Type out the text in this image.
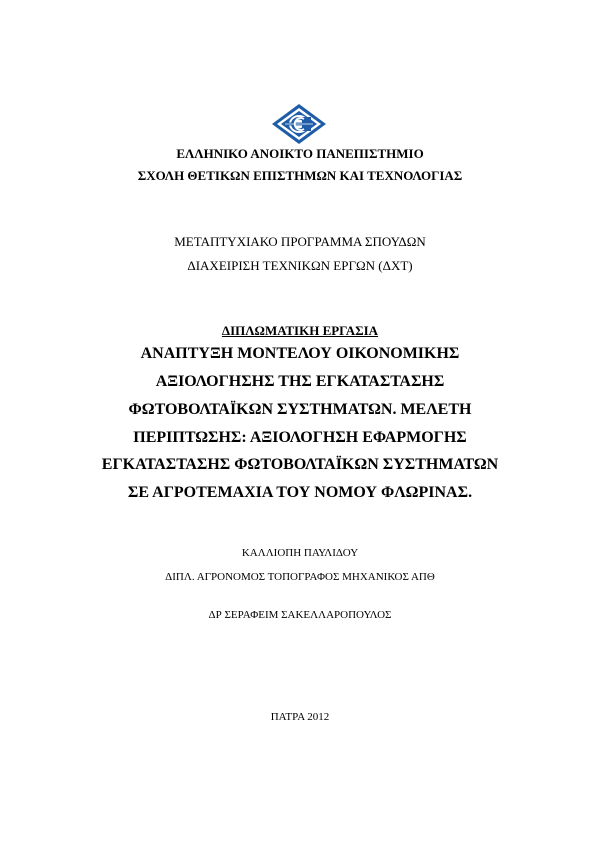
ΕΛΛΗΝΙΚΟ ΑΝΟΙΚΤΟ ΠΑΝΕΠΙΣΤΗΜΙΟ
ΣΧΟΛΗ ΘΕΤΙΚΩΝ ΕΠΙΣΤΗΜΩΝ ΚΑΙ ΤΕΧΝΟΛΟΓΙΑΣ
ΜΕΤΑΠΤΥΧΙΑΚΟ ΠΡΟΓΡΑΜΜΑ ΣΠΟΥΔΩΝ
ΔΙΑΧΕΙΡΙΣΗ ΤΕΧΝΙΚΩΝ ΕΡΓΩΝ (ΔΧΤ)
ΔΙΠΛΩΜΑΤΙΚΗ ΕΡΓΑΣΙΑ
ΑΝΑΠΤΥΞΗ ΜΟΝΤΕΛΟΥ ΟΙΚΟΝΟΜΙΚΗΣ
ΑΞΙΟΛΟΓΗΣΗΣ ΤΗΣ ΕΓΚΑΤΑΣΤΑΣΗΣ
ΦΩΤΟΒΟΛΤΑΪΚΩΝ ΣΥΣΤΗΜΑΤΩΝ. ΜΕΛΕΤΗ
ΠΕΡΙΠΤΩΣΗΣ: ΑΞΙΟΛΟΓΗΣΗ ΕΦΑΡΜΟΓΗΣ
ΕΓΚΑΤΑΣΤΑΣΗΣ ΦΩΤΟΒΟΛΤΑΪΚΩΝ ΣΥΣΤΗΜΑΤΩΝ
ΣΕ ΑΓΡΟΤΕΜΑΧΙΑ ΤΟΥ ΝΟΜΟΥ ΦΛΩΡΙΝΑΣ.
ΚΑΛΛΙΟΠΗ ΠΑΥΛΙΔΟΥ
ΔΙΠΛ. ΑΓΡΟΝΟΜΟΣ ΤΟΠΟΓΡΑΦΟΣ ΜΗΧΑΝΙΚΟΣ ΑΠΘ
ΔΡ ΣΕΡΑΦΕΙΜ ΣΑΚΕΛΛΑΡΟΠΟΥΛΟΣ
ΠΑΤΡΑ 2012
